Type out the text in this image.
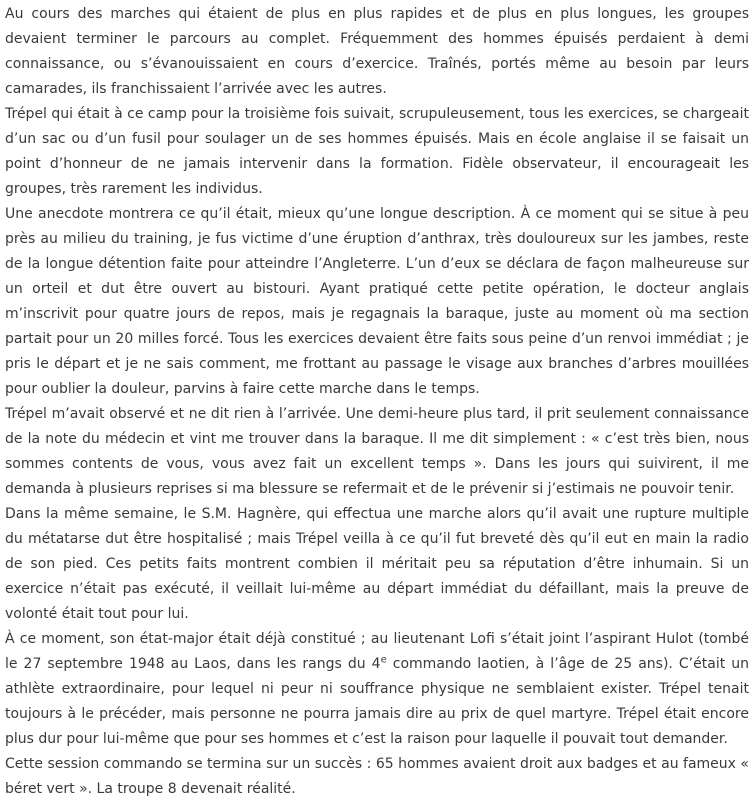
Au cours des marches qui étaient de plus en plus rapides et de plus en plus longues, les groupes devaient terminer le parcours au complet. Fréquemment des hommes épuisés perdaient à demi connaissance, ou s’évanouissaient en cours d’exercice. Traînés, portés même au besoin par leurs camarades, ils franchissaient l’arrivée avec les autres.

Trépel qui était à ce camp pour la troisième fois suivait, scrupuleusement, tous les exercices, se chargeait d’un sac ou d’un fusil pour soulager un de ses hommes épuisés. Mais en école anglaise il se faisait un point d’honneur de ne jamais intervenir dans la formation. Fidèle observateur, il encourageait les groupes, très rarement les individus.

Une anecdote montrera ce qu’il était, mieux qu’une longue description. À ce moment qui se situe à peu près au milieu du training, je fus victime d’une éruption d’anthrax, très douloureux sur les jambes, reste de la longue détention faite pour atteindre l’Angleterre. L’un d’eux se déclara de façon malheureuse sur un orteil et dut être ouvert au bistouri. Ayant pratiqué cette petite opération, le docteur anglais m’inscrivit pour quatre jours de repos, mais je regagnais la baraque, juste au moment où ma section partait pour un 20 milles forcé. Tous les exercices devaient être faits sous peine d’un renvoi immédiat ; je pris le départ et je ne sais comment, me frottant au passage le visage aux branches d’arbres mouillées pour oublier la douleur, parvins à faire cette marche dans le temps.

Trépel m’avait observé et ne dit rien à l’arrivée. Une demi-heure plus tard, il prit seulement connaissance de la note du médecin et vint me trouver dans la baraque. Il me dit simplement : « c’est très bien, nous sommes contents de vous, vous avez fait un excellent temps ». Dans les jours qui suivirent, il me demanda à plusieurs reprises si ma blessure se refermait et de le prévenir si j’estimais ne pouvoir tenir.

Dans la même semaine, le S.M. Hagnère, qui effectua une marche alors qu’il avait une rupture multiple du métatarse dut être hospitalisé ; mais Trépel veilla à ce qu’il fut breveté dès qu’il eut en main la radio de son pied. Ces petits faits montrent combien il méritait peu sa réputation d’être inhumain. Si un exercice n’était pas exécuté, il veillait lui-même au départ immédiat du défaillant, mais la preuve de volonté était tout pour lui.

À ce moment, son état-major était déjà constitué ; au lieutenant Lofi s’était joint l’aspirant Hulot (tombé le 27 septembre 1948 au Laos, dans les rangs du 4e commando laotien, à l’âge de 25 ans). C’était un athlète extraordinaire, pour lequel ni peur ni souffrance physique ne semblaient exister. Trépel tenait toujours à le précéder, mais personne ne pourra jamais dire au prix de quel martyre. Trépel était encore plus dur pour lui-même que pour ses hommes et c’est la raison pour laquelle il pouvait tout demander.

Cette session commando se termina sur un succès : 65 hommes avaient droit aux badges et au fameux « béret vert ». La troupe 8 devenait réalité.
